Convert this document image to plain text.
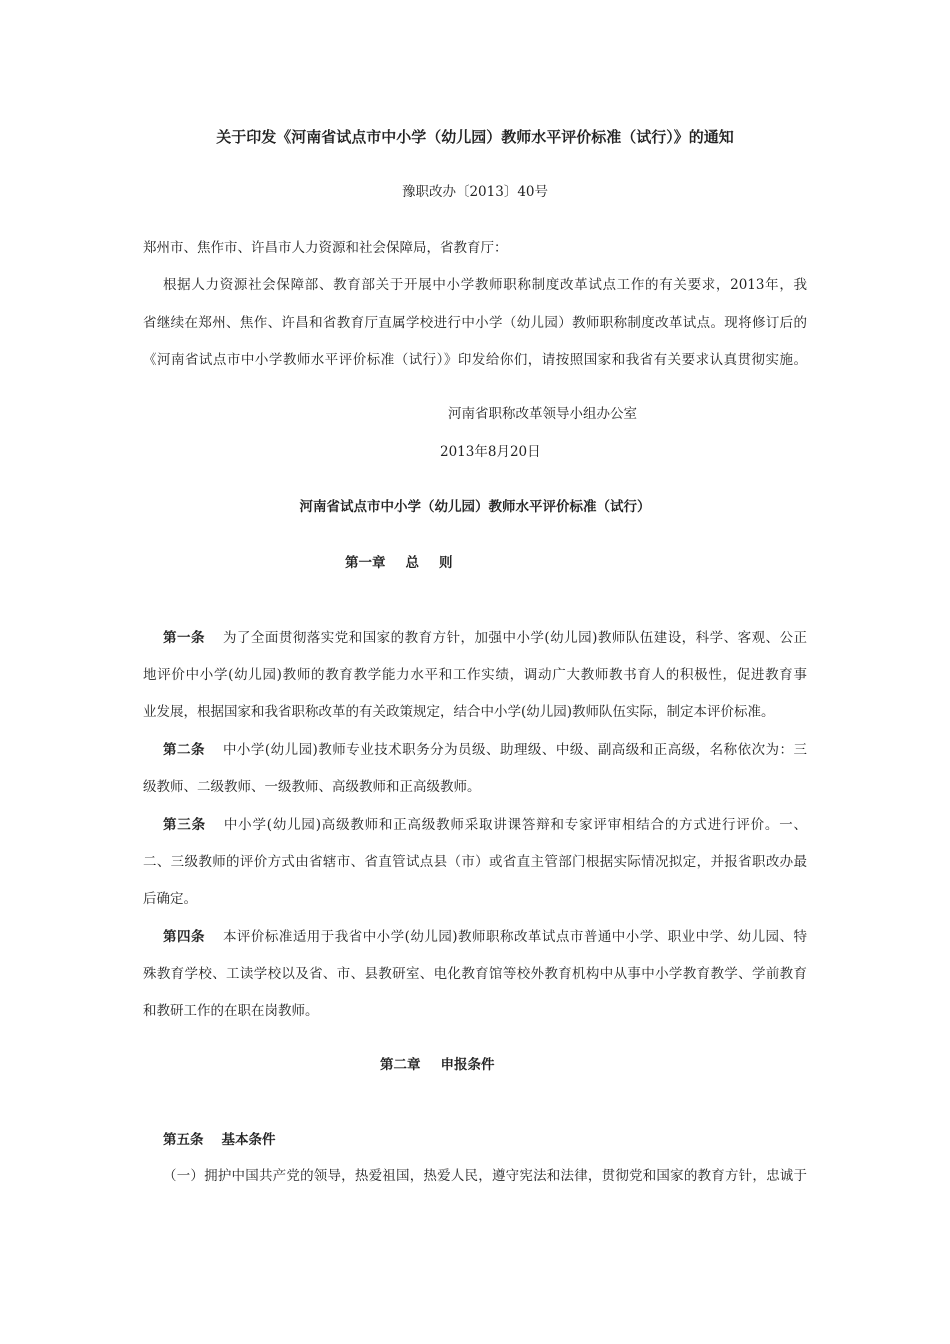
关于印发《河南省试点市中小学（幼儿园）教师水平评价标准（试行）》的通知
豫职改办〔2013〕40号
郑州市、焦作市、许昌市人力资源和社会保障局，省教育厅：
根据人力资源社会保障部、教育部关于开展中小学教师职称制度改革试点工作的有关要求，2013年，我
省继续在郑州、焦作、许昌和省教育厅直属学校进行中小学（幼儿园）教师职称制度改革试点。现将修订后的
《河南省试点市中小学教师水平评价标准（试行）》印发给你们，请按照国家和我省有关要求认真贯彻实施。
河南省职称改革领导小组办公室
2013年8月20日
河南省试点市中小学（幼儿园）教师水平评价标准（试行）
第一章 总 则
第一条 为了全面贯彻落实党和国家的教育方针，加强中小学(幼儿园)教师队伍建设，科学、客观、公正
地评价中小学(幼儿园)教师的教育教学能力水平和工作实绩，调动广大教师教书育人的积极性，促进教育事
业发展，根据国家和我省职称改革的有关政策规定，结合中小学(幼儿园)教师队伍实际，制定本评价标准。
第二条 中小学(幼儿园)教师专业技术职务分为员级、助理级、中级、副高级和正高级，名称依次为：三
级教师、二级教师、一级教师、高级教师和正高级教师。
第三条 中小学(幼儿园)高级教师和正高级教师采取讲课答辩和专家评审相结合的方式进行评价。一、
二、三级教师的评价方式由省辖市、省直管试点县（市）或省直主管部门根据实际情况拟定，并报省职改办最
后确定。
第四条 本评价标准适用于我省中小学(幼儿园)教师职称改革试点市普通中小学、职业中学、幼儿园、特
殊教育学校、工读学校以及省、市、县教研室、电化教育馆等校外教育机构中从事中小学教育教学、学前教育
和教研工作的在职在岗教师。
第二章 申报条件
第五条 基本条件
（一）拥护中国共产党的领导，热爱祖国，热爱人民，遵守宪法和法律，贯彻党和国家的教育方针，忠诚于
